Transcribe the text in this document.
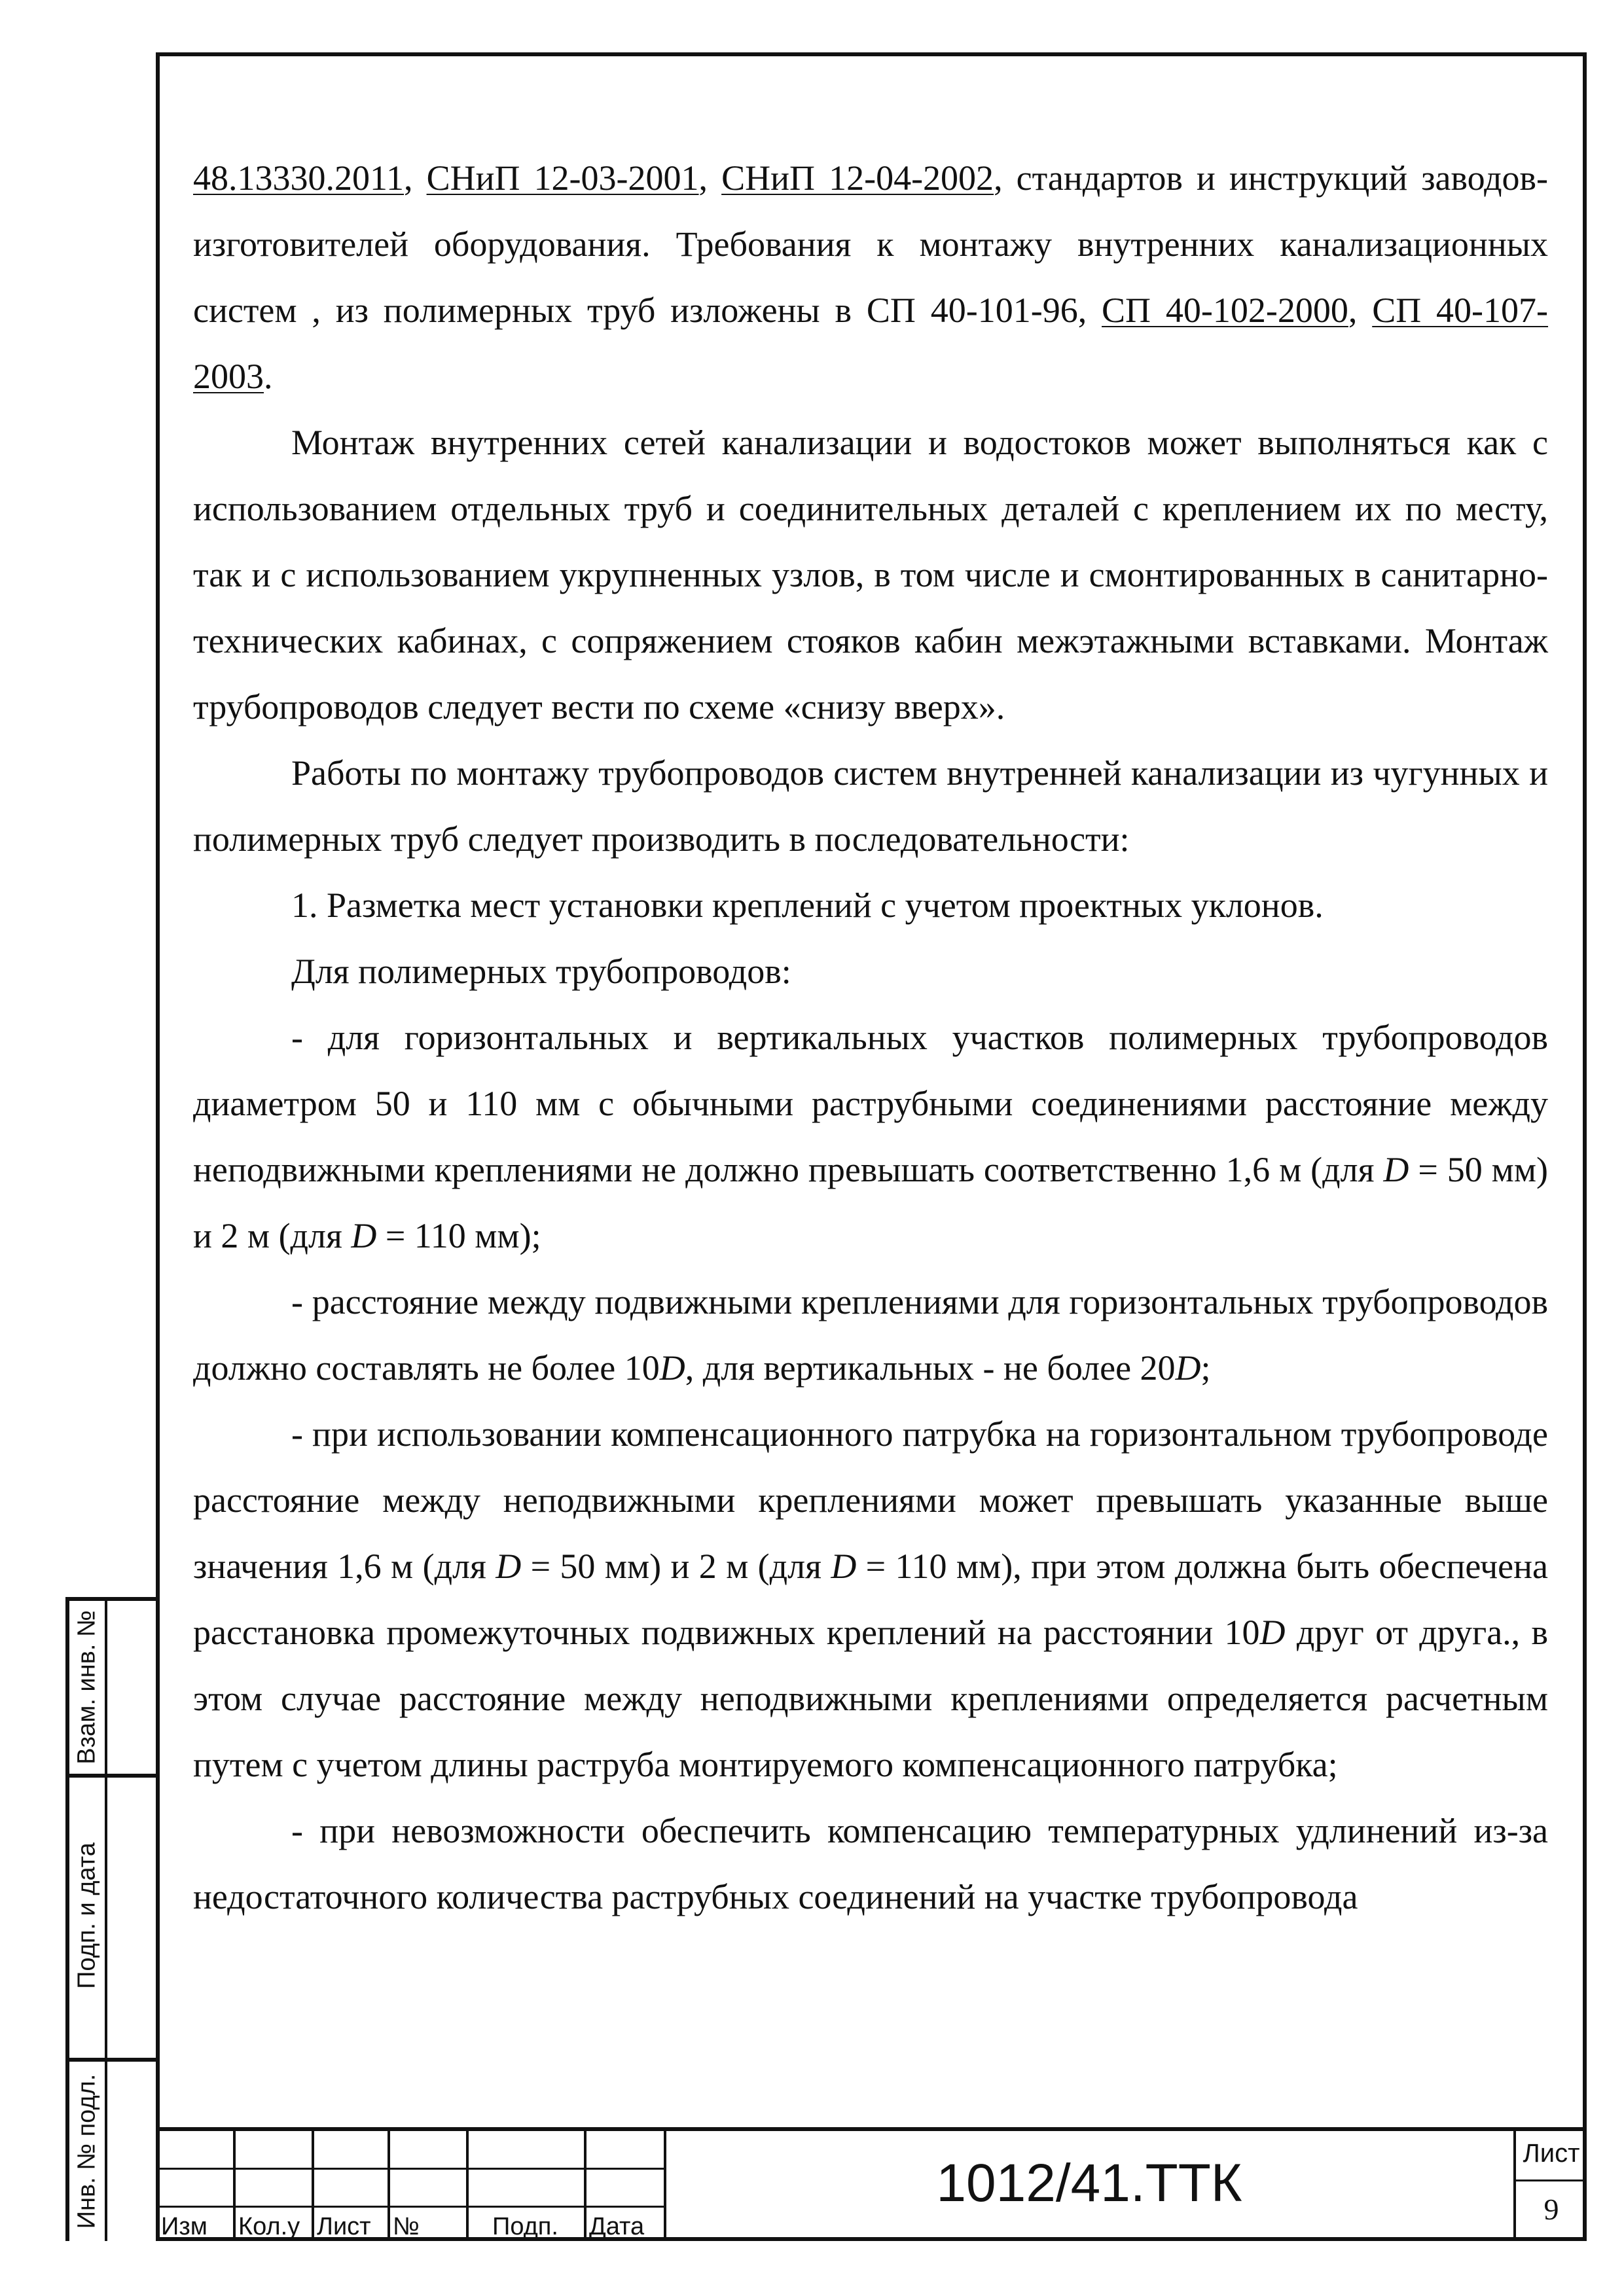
48.13330.2011, СНиП 12-03-2001, СНиП 12-04-2002, стандартов и инструкций заводов-изготовителей оборудования. Требования к монтажу внутренних канализационных систем , из полимерных труб изложены в СП 40-101-96, СП 40-102-2000, СП 40-107-2003.

Монтаж внутренних сетей канализации и водостоков может выполняться как с использованием отдельных труб и соединительных деталей с креплением их по месту, так и с использованием укрупненных узлов, в том числе и смонтированных в санитарно-технических кабинах, с сопряжением стояков кабин межэтажными вставками. Монтаж трубопроводов следует вести по схеме «снизу вверх».

Работы по монтажу трубопроводов систем внутренней канализации из чугунных и полимерных труб следует производить в последовательности:

1. Разметка мест установки креплений с учетом проектных уклонов.

Для полимерных трубопроводов:

- для горизонтальных и вертикальных участков полимерных трубопроводов диаметром 50 и 110 мм с обычными раструбными соединениями расстояние между неподвижными креплениями не должно превышать соответственно 1,6 м (для D = 50 мм) и 2 м (для D = 110 мм);

- расстояние между подвижными креплениями для горизонтальных трубопроводов должно составлять не более 10D, для вертикальных - не более 20D;

- при использовании компенсационного патрубка на горизонтальном трубопроводе расстояние между неподвижными креплениями может превышать указанные выше значения 1,6 м (для D = 50 мм) и 2 м (для D = 110 мм), при этом должна быть обеспечена расстановка промежуточных подвижных креплений на расстоянии 10D друг от друга., в этом случае расстояние между неподвижными креплениями определяется расчетным путем с учетом длины раструба монтируемого компенсационного патрубка;

- при невозможности обеспечить компенсацию температурных удлинений из-за недостаточного количества раструбных соединений на участке трубопровода

Взам. инв. №
Подп. и дата
Инв. № подл. Изм	Кол.у Лист №	Подп.	Дата
1012/41.ТТК	Лист
9
